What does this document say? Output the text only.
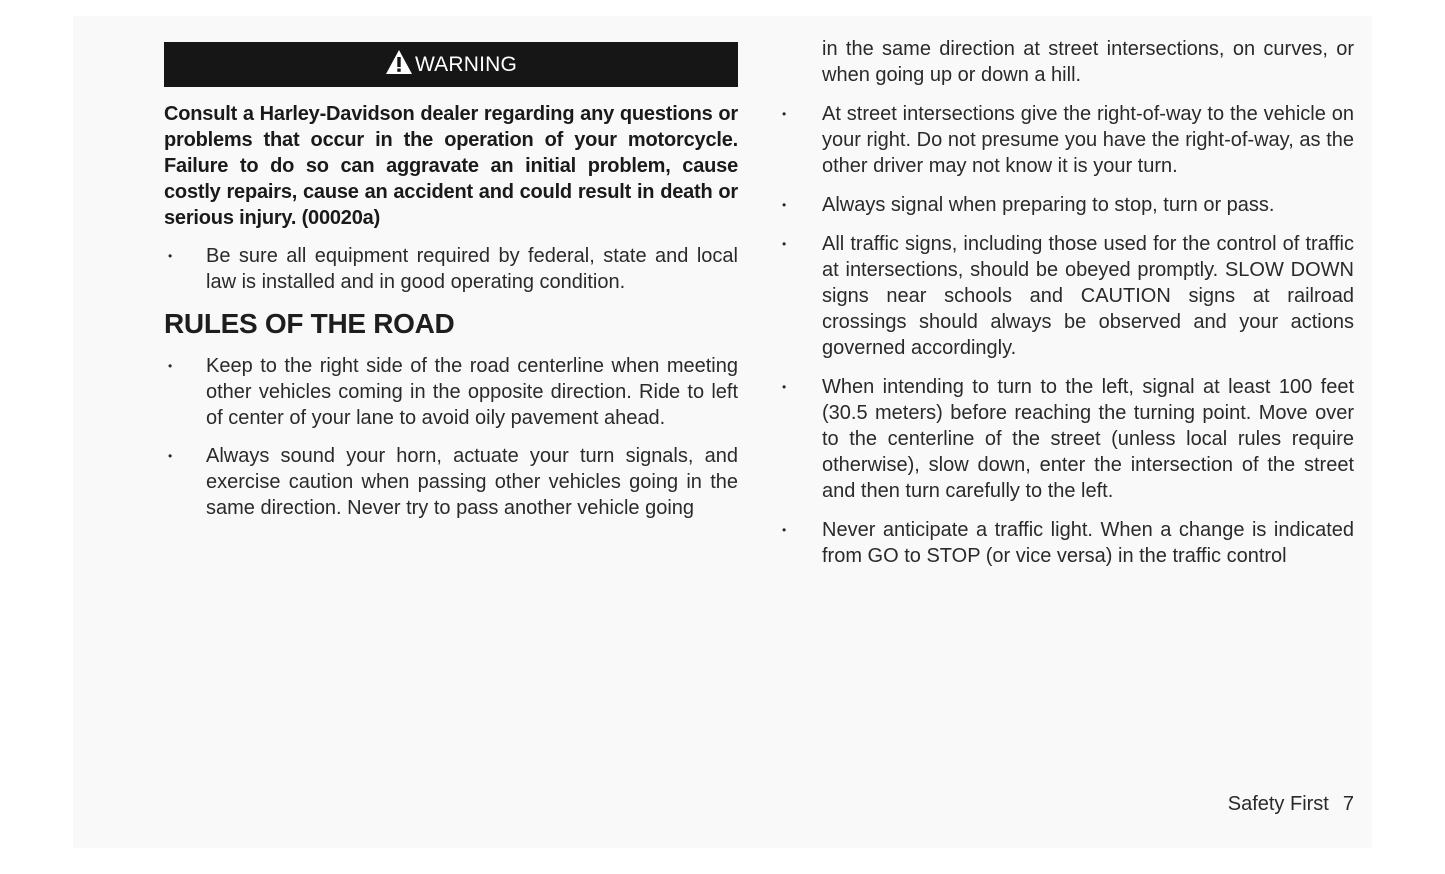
WARNING
Consult a Harley-Davidson dealer regarding any questions or problems that occur in the operation of your motorcycle. Failure to do so can aggravate an initial problem, cause costly repairs, cause an accident and could result in death or serious injury. (00020a)
• Be sure all equipment required by federal, state and local law is installed and in good operating condition.
RULES OF THE ROAD
• Keep to the right side of the road centerline when meeting other vehicles coming in the opposite direction. Ride to left of center of your lane to avoid oily pavement ahead.
• Always sound your horn, actuate your turn signals, and exercise caution when passing other vehicles going in the same direction. Never try to pass another vehicle going
in the same direction at street intersections, on curves, or when going up or down a hill.
• At street intersections give the right-of-way to the vehicle on your right. Do not presume you have the right-of-way, as the other driver may not know it is your turn.
• Always signal when preparing to stop, turn or pass.
• All traffic signs, including those used for the control of traffic at intersections, should be obeyed promptly. SLOW DOWN signs near schools and CAUTION signs at railroad crossings should always be observed and your actions governed accordingly.
• When intending to turn to the left, signal at least 100 feet (30.5 meters) before reaching the turning point. Move over to the centerline of the street (unless local rules require otherwise), slow down, enter the intersection of the street and then turn carefully to the left.
• Never anticipate a traffic light. When a change is indicated from GO to STOP (or vice versa) in the traffic control
Safety First 7
